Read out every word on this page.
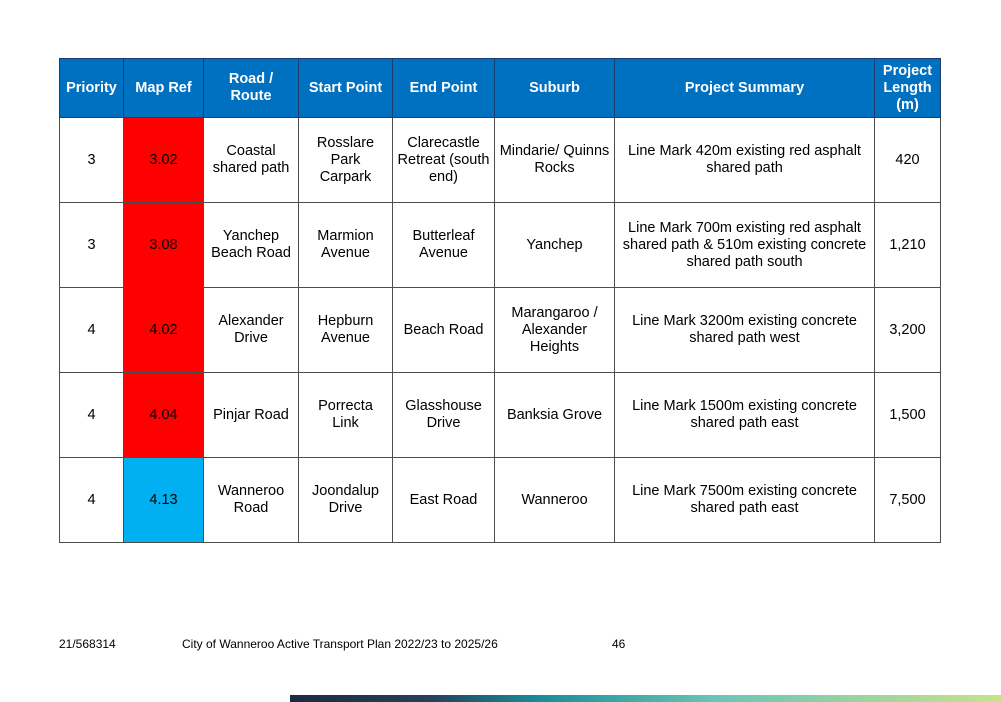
Priority	Map Ref	Road / Route	Start Point	End Point	Suburb	Project Summary	Project Length (m)
3	3.02	Coastal shared path	Rosslare Park Carpark	Clarecastle Retreat (south end)	Mindarie/ Quinns Rocks	Line Mark 420m existing red asphalt shared path	420
3	3.08	Yanchep Beach Road	Marmion Avenue	Butterleaf Avenue	Yanchep	Line Mark 700m existing red asphalt shared path & 510m existing concrete shared path south	1,210
4	4.02	Alexander Drive	Hepburn Avenue	Beach Road	Marangaroo / Alexander Heights	Line Mark 3200m existing concrete shared path west	3,200
4	4.04	Pinjar Road	Porrecta Link	Glasshouse Drive	Banksia Grove	Line Mark 1500m existing concrete shared path east	1,500
4	4.13	Wanneroo Road	Joondalup Drive	East Road	Wanneroo	Line Mark 7500m existing concrete shared path east	7,500
21/568314	City of Wanneroo Active Transport Plan 2022/23 to 2025/26	46
